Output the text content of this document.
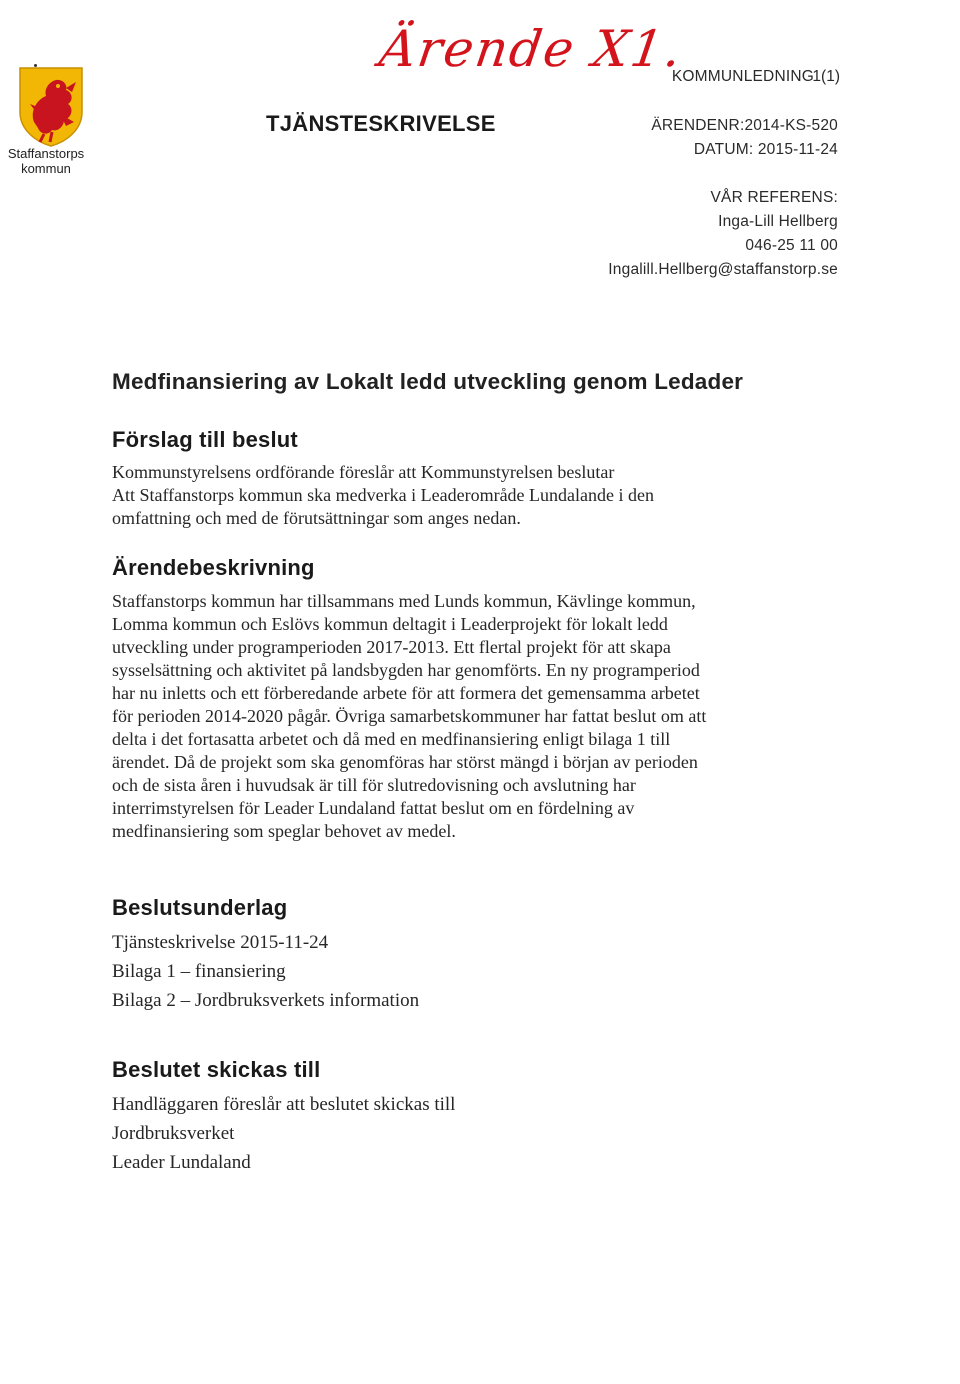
Staffanstorps
kommun
Ärende X1.
TJÄNSTESKRIVELSE
KOMMUNLEDNING
1(1)
ÄRENDENR:2014-KS-520
DATUM: 2015-11-24
VÅR REFERENS:
Inga-Lill Hellberg
046-25 11 00
Ingalill.Hellberg@staffanstorp.se
Medfinansiering av Lokalt ledd utveckling genom Ledader
Förslag till beslut
Kommunstyrelsens ordförande föreslår att Kommunstyrelsen beslutar
Att Staffanstorps kommun ska medverka i Leaderområde Lundalande i den
omfattning och med de förutsättningar som anges nedan.
Ärendebeskrivning
Staffanstorps kommun har tillsammans med Lunds kommun, Kävlinge kommun,
Lomma kommun och Eslövs kommun deltagit i Leaderprojekt för lokalt ledd
utveckling under programperioden 2017-2013. Ett flertal projekt för att skapa
sysselsättning och aktivitet på landsbygden har genomförts. En ny programperiod
har nu inletts och ett förberedande arbete för att formera det gemensamma arbetet
för perioden 2014-2020 pågår. Övriga samarbetskommuner har fattat beslut om att
delta i det fortasatta arbetet och då med en medfinansiering enligt bilaga 1 till
ärendet. Då de projekt som ska genomföras har störst mängd i början av perioden
och de sista åren i huvudsak är till för slutredovisning och avslutning har
interrimstyrelsen för Leader Lundaland fattat beslut om en fördelning av
medfinansiering som speglar behovet av medel.
Beslutsunderlag
Tjänsteskrivelse 2015-11-24
Bilaga 1 – finansiering
Bilaga 2 – Jordbruksverkets information
Beslutet skickas till
Handläggaren föreslår att beslutet skickas till
Jordbruksverket
Leader Lundaland
